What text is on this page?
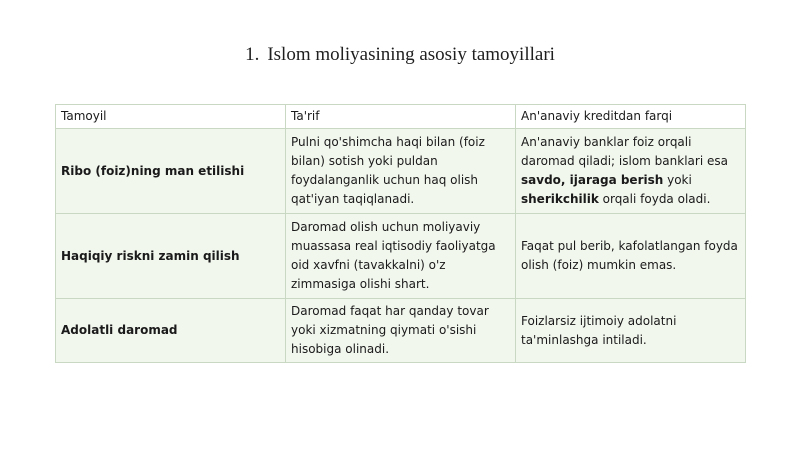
1. Islom moliyasining asosiy tamoyillari
Tamoyil	Ta'rif	An'anaviy kreditdan farqi
Ribo (foiz)ning man etilishi	Pulni qo'shimcha haqi bilan (foiz bilan) sotish yoki puldan foydalanganlik uchun haq olish qat'iyan taqiqlanadi.	An'anaviy banklar foiz orqali daromad qiladi; islom banklari esa savdo, ijaraga berish yoki sherikchilik orqali foyda oladi.
Haqiqiy riskni zamin qilish	Daromad olish uchun moliyaviy muassasa real iqtisodiy faoliyatga oid xavfni (tavakkalni) o'z zimmasiga olishi shart.	Faqat pul berib, kafolatlangan foyda olish (foiz) mumkin emas.
Adolatli daromad	Daromad faqat har qanday tovar yoki xizmatning qiymati o'sishi hisobiga olinadi.	Foizlarsiz ijtimoiy adolatni ta'minlashga intiladi.
